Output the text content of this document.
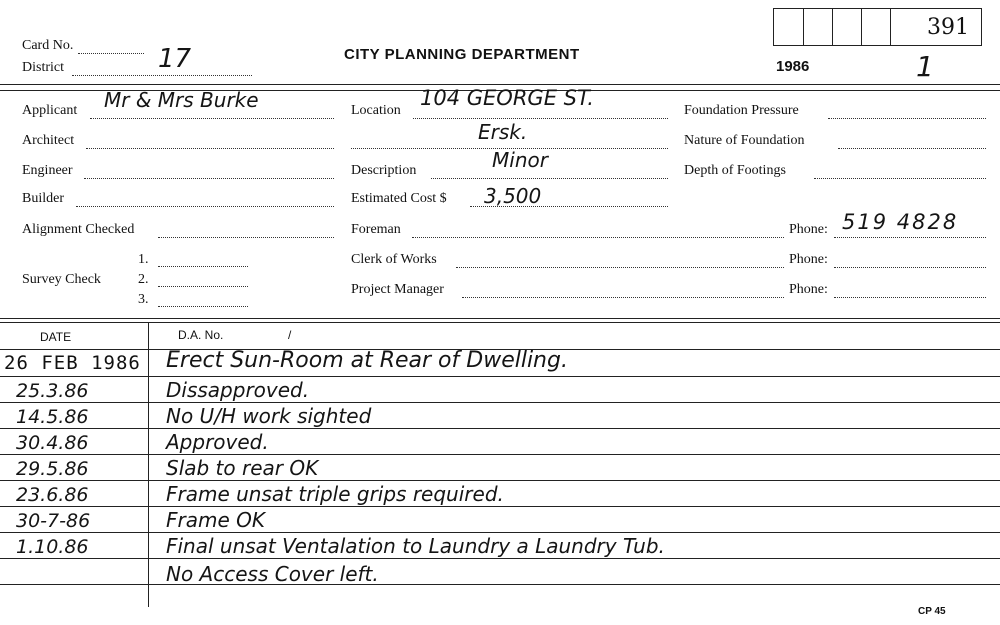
Card No.
District	17	CITY PLANNING DEPARTMENT
1986
391
1
Applicant Mr & Mrs Burke
Architect
Engineer
Builder
Alignment Checked
Survey Check
1.
2.
3.
Location
104 GEORGE ST.
Ersk.
Description	Minor
Estimated Cost $ 3,500
Foreman
Clerk of Works
Project Manager
Foundation Pressure
Nature of Foundation
Depth of Footings
Phone: 519 4828
Phone:
Phone:
DATE	D.A. No.	/
26 FEB 1986 Erect Sun-Room at Rear of Dwelling.
25.3.86	Dissapproved.
14.5.86	No U/H work sighted
30.4.86	Approved.
29.5.86	Slab to rear OK
23.6.86	Frame unsat triple grips required.
30-7-86	Frame OK
1.10.86	Final unsat Ventalation to Laundry a Laundry Tub.
No Access Cover left.
CP 45
